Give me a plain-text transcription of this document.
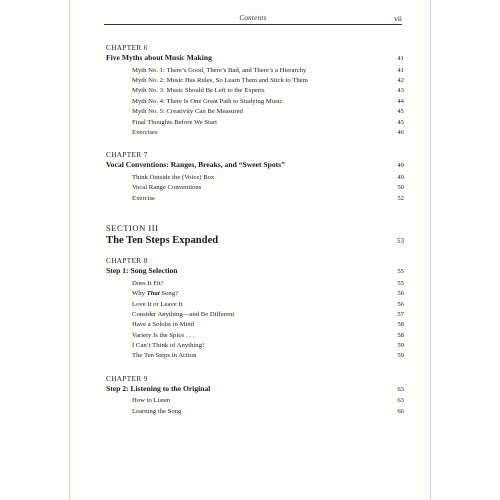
Contents	vii
CHAPTER 6
Five Myths about Music Making	41
Myth No. 1: There’s Good, There’s Bad, and There’s a Hierarchy	41
Myth No. 2: Music Has Rules, So Learn Them and Stick to Them	42
Myth No. 3: Music Should Be Left to the Experts	43
Myth No. 4: There Is One Great Path to Studying Music	44
Myth No. 5: Creativity Can Be Measured	45
Final Thoughts Before We Start	45
Exercises	46
CHAPTER 7
Vocal Conventions: Ranges, Breaks, and “Sweet Spots”	49
Think Outside the (Voice) Box	49
Vocal Range Conventions	50
Exercise	52
SECTION III
The Ten Steps Expanded	53
CHAPTER 8
Step 1: Song Selection	55
Does It Fit?	55
Why That Song?	56
Love It or Leave It	56
Consider Anything—and Be Different	57
Have a Soloist in Mind	58
Variety Is the Spice . . .	58
I Can’t Think of Anything!	59
The Ten Steps in Action	59
CHAPTER 9
Step 2: Listening to the Original	63
How to Listen	63
Learning the Song	66
